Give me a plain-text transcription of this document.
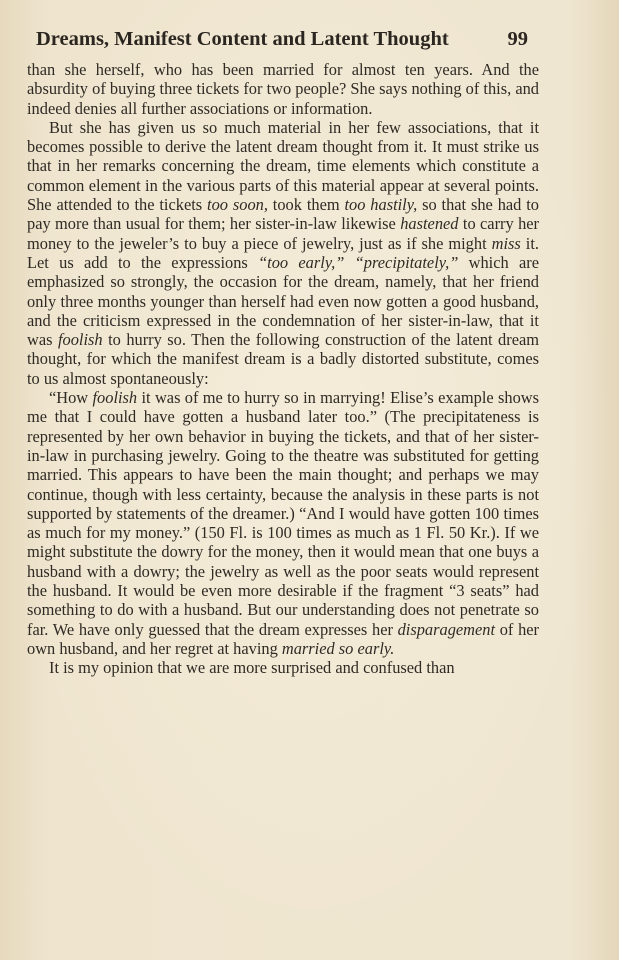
Dreams, Manifest Content and Latent Thought	99

than she herself, who has been married for almost ten years. And the absurdity of buying three tickets for two people? She says nothing of this, and indeed denies all further associations or information.

But she has given us so much material in her few associations, that it becomes possible to derive the latent dream thought from it. It must strike us that in her remarks concerning the dream, time elements which constitute a common element in the various parts of this material appear at several points. She attended to the tickets too soon, took them too hastily, so that she had to pay more than usual for them; her sister-in-law likewise hastened to carry her money to the jeweler’s to buy a piece of jewelry, just as if she might miss it. Let us add to the expressions “too early,” “precipitately,” which are emphasized so strongly, the occasion for the dream, namely, that her friend only three months younger than herself had even now gotten a good husband, and the criticism expressed in the condemnation of her sister-in-law, that it was foolish to hurry so. Then the following construction of the latent dream thought, for which the manifest dream is a badly distorted substitute, comes to us almost spontaneously:

“How foolish it was of me to hurry so in marrying! Elise’s example shows me that I could have gotten a husband later too.” (The precipitateness is represented by her own behavior in buying the tickets, and that of her sister-in-law in purchasing jewelry. Going to the theatre was substituted for getting married. This appears to have been the main thought; and perhaps we may continue, though with less certainty, because the analysis in these parts is not supported by statements of the dreamer.) “And I would have gotten 100 times as much for my money.” (150 Fl. is 100 times as much as 1 Fl. 50 Kr.). If we might substitute the dowry for the money, then it would mean that one buys a husband with a dowry; the jewelry as well as the poor seats would represent the husband. It would be even more desirable if the fragment “3 seats” had something to do with a husband. But our understanding does not penetrate so far. We have only guessed that the dream expresses her disparagement of her own husband, and her regret at having married so early.

It is my opinion that we are more surprised and confused than
